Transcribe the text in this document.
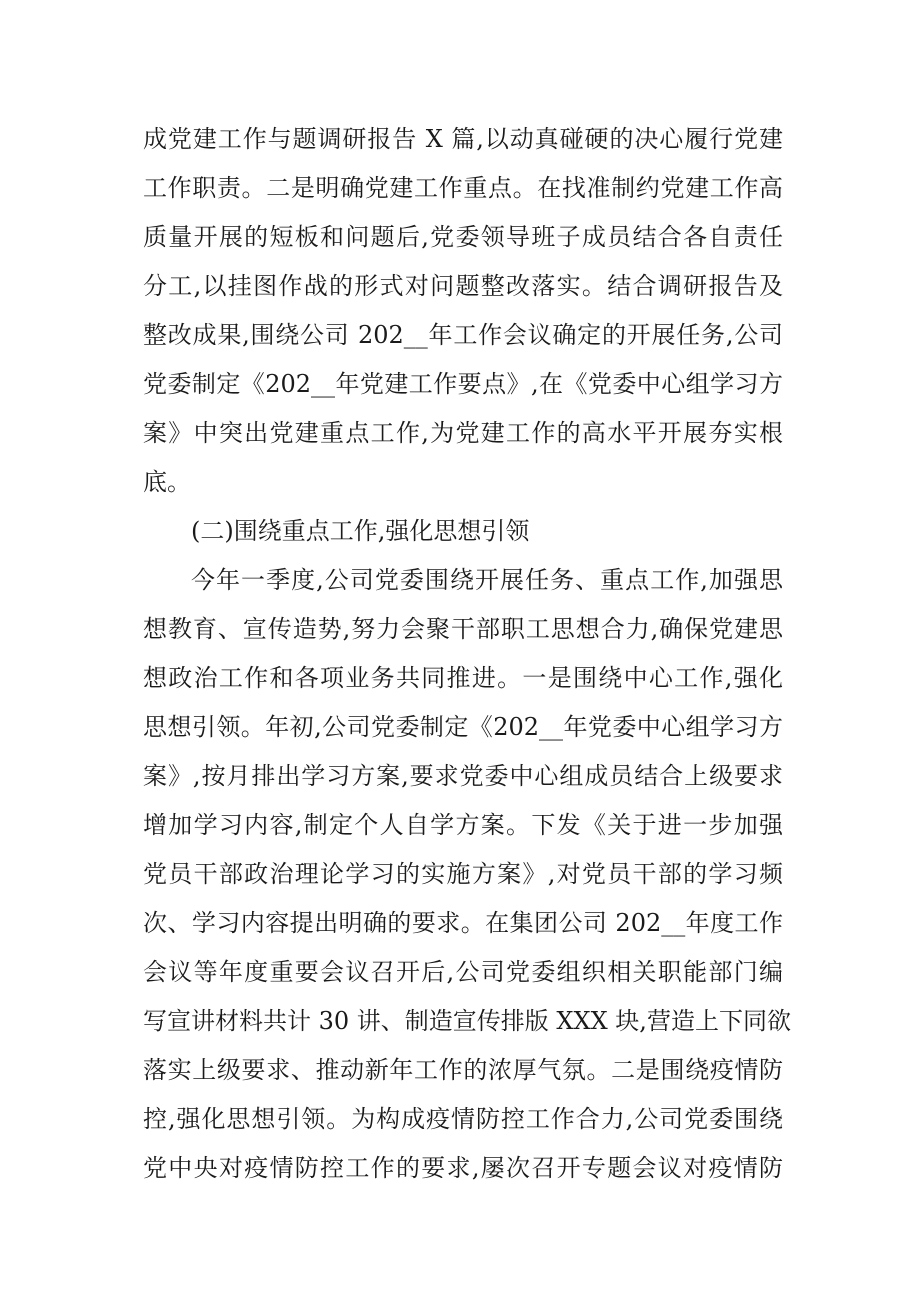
成党建工作与题调研报告 X 篇,以动真碰硬的决心履行党建
工作职责。二是明确党建工作重点。在找准制约党建工作高
质量开展的短板和问题后,党委领导班子成员结合各自责任
分工,以挂图作战的形式对问题整改落实。结合调研报告及
整改成果,围绕公司 202__年工作会议确定的开展任务,公司
党委制定《202__年党建工作要点》,在《党委中心组学习方
案》中突出党建重点工作,为党建工作的高水平开展夯实根
底。
(二)围绕重点工作,强化思想引领
今年一季度,公司党委围绕开展任务、重点工作,加强思
想教育、宣传造势,努力会聚干部职工思想合力,确保党建思
想政治工作和各项业务共同推进。一是围绕中心工作,强化
思想引领。年初,公司党委制定《202__年党委中心组学习方
案》,按月排出学习方案,要求党委中心组成员结合上级要求
增加学习内容,制定个人自学方案。下发《关于进一步加强
党员干部政治理论学习的实施方案》,对党员干部的学习频
次、学习内容提出明确的要求。在集团公司 202__年度工作
会议等年度重要会议召开后,公司党委组织相关职能部门编
写宣讲材料共计 30 讲、制造宣传排版 XXX 块,营造上下同欲
落实上级要求、推动新年工作的浓厚气氛。二是围绕疫情防
控,强化思想引领。为构成疫情防控工作合力,公司党委围绕
党中央对疫情防控工作的要求,屡次召开专题会议对疫情防
